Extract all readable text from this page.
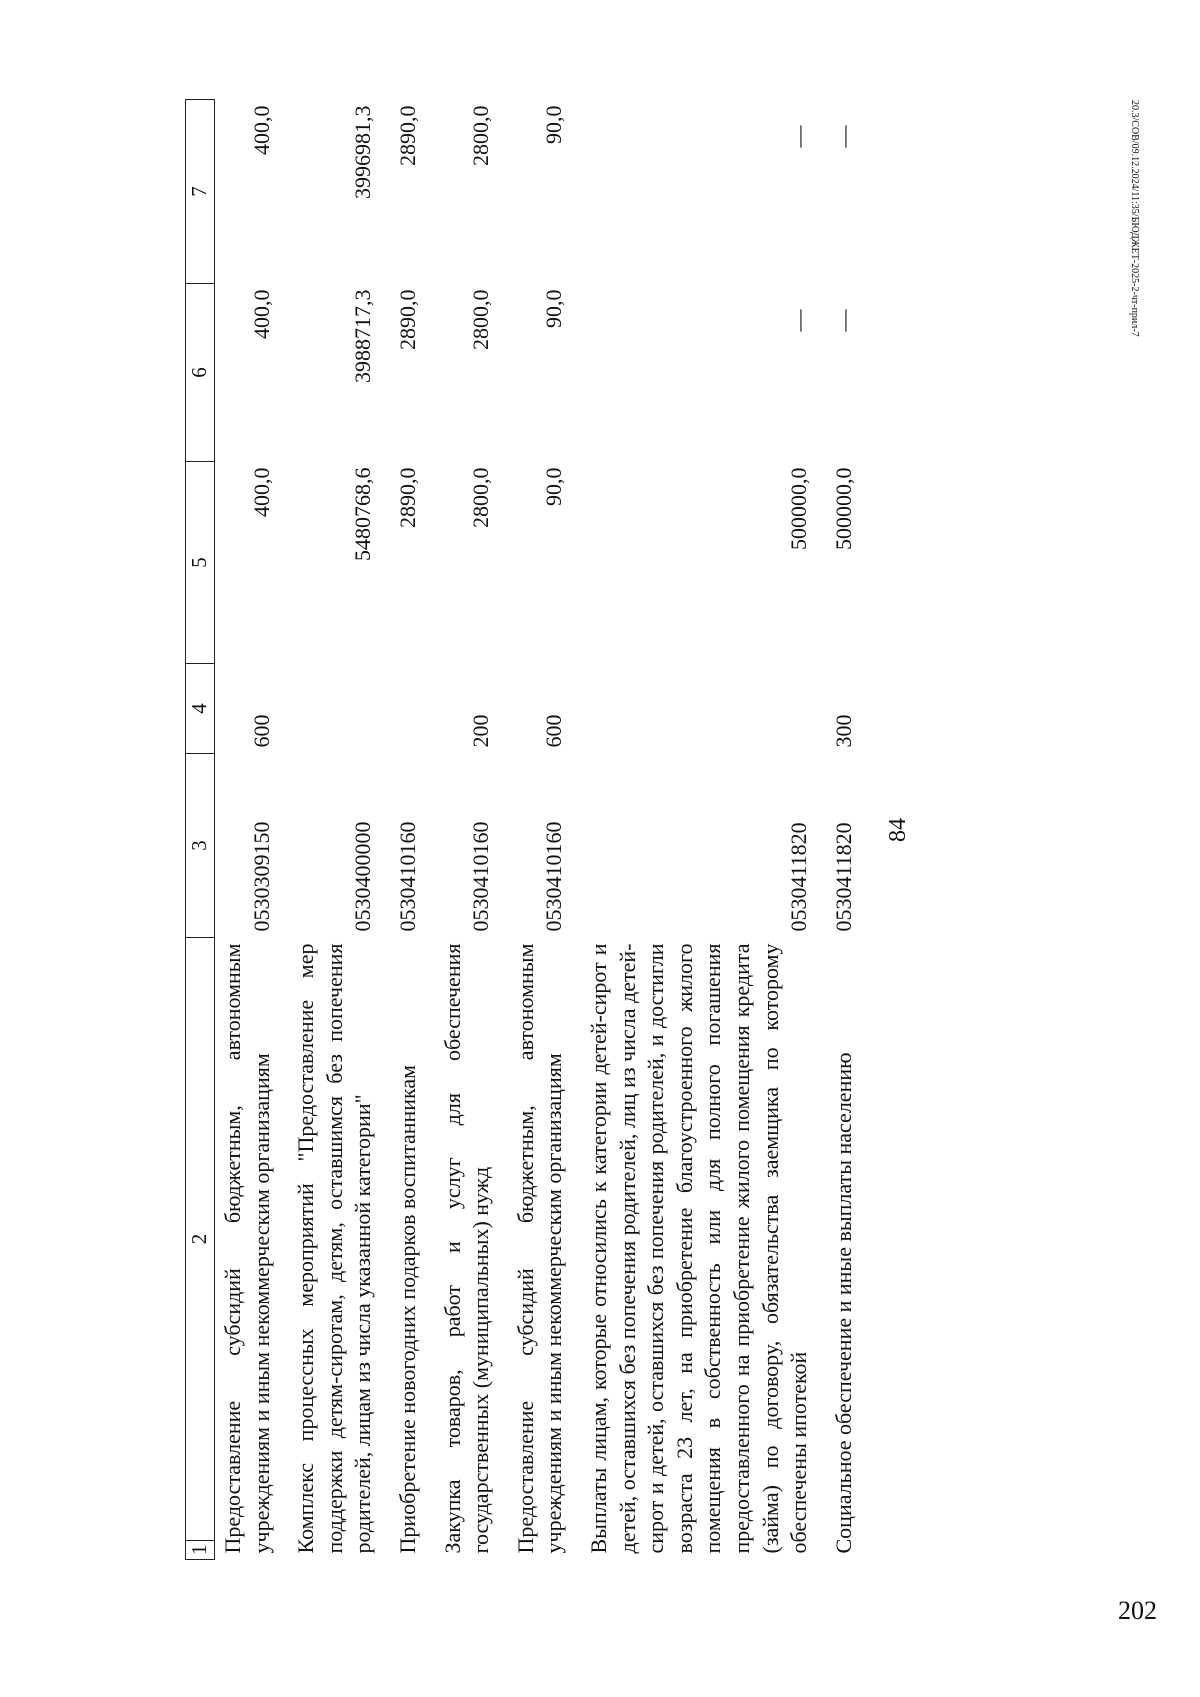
84
1	2	3	4	5	6	7
Предоставление субсидий бюджетным, автономным учреждениям и иным некоммерческим организациям		0530309150	600	400,0	400,0	400,0
Комплекс процессных мероприятий "Предоставление мер поддержки детям-сиротам, детям, оставшимся без попечения родителей, лицам из числа указанной категории"		0530400000		5480768,6	3988717,3	3996981,3
Приобретение новогодних подарков воспитанникам		0530410160		2890,0	2890,0	2890,0
Закупка товаров, работ и услуг для обеспечения государственных (муниципальных) нужд		0530410160	200	2800,0	2800,0	2800,0
Предоставление субсидий бюджетным, автономным учреждениям и иным некоммерческим организациям		0530410160	600	90,0	90,0	90,0
Выплаты лицам, которые относились к категории детей-сирот и детей, оставшихся без попечения родителей, лиц из числа детей-сирот и детей, оставшихся без попечения родителей, и достигли возраста 23 лет, на приобретение благоустроенного жилого помещения в собственность или для полного погашения предоставленного на приобретение жилого помещения кредита (займа) по договору, обязательства заемщика по которому обеспечены ипотекой		0530411820		500000,0	—	—
Социальное обеспечение и иные выплаты населению		0530411820	300	500000,0	—	—	20.3/СОВ/09.12.2024/11:35/БЮДЖЕТ-2025-2-чт-прил-7
202
